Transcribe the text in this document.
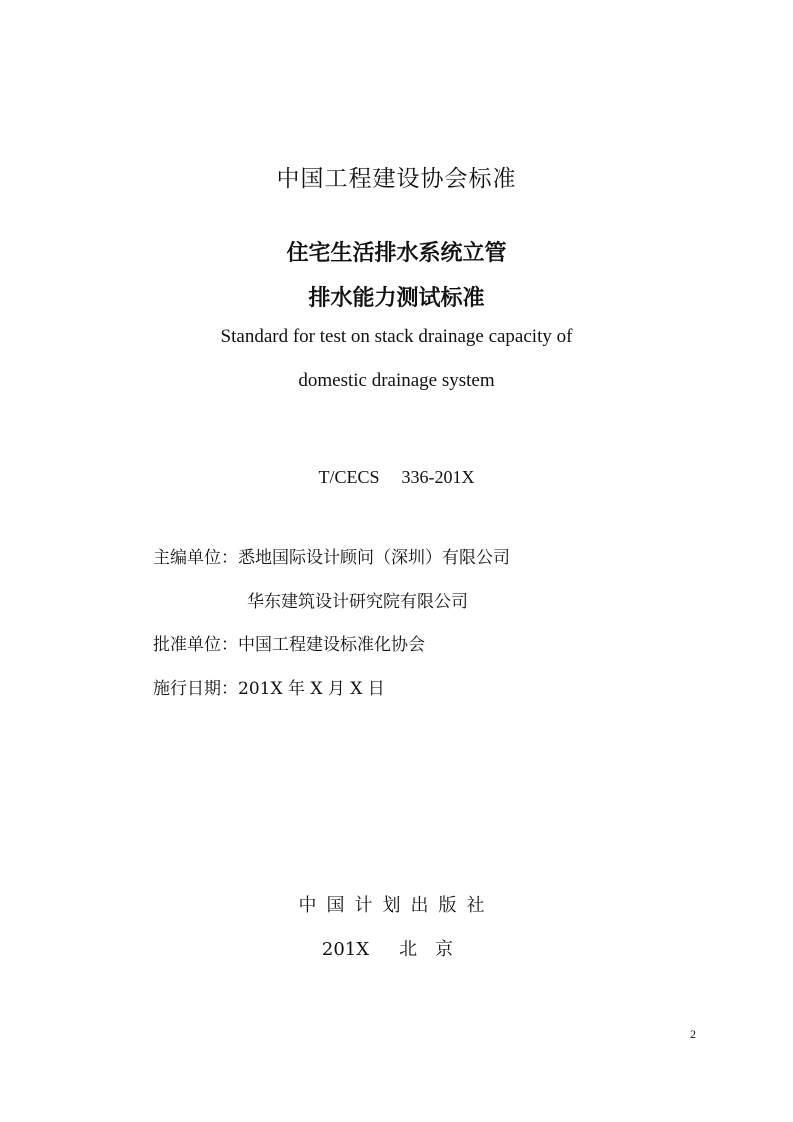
中国工程建设协会标准
住宅生活排水系统立管
排水能力测试标准
Standard for test on stack drainage capacity of
domestic drainage system
T/CECS 336-201X
主编单位：悉地国际设计顾问（深圳）有限公司
华东建筑设计研究院有限公司
批准单位：中国工程建设标准化协会
施行日期：201X 年 X 月 X 日
中国计划出版社
201X 北京
2
